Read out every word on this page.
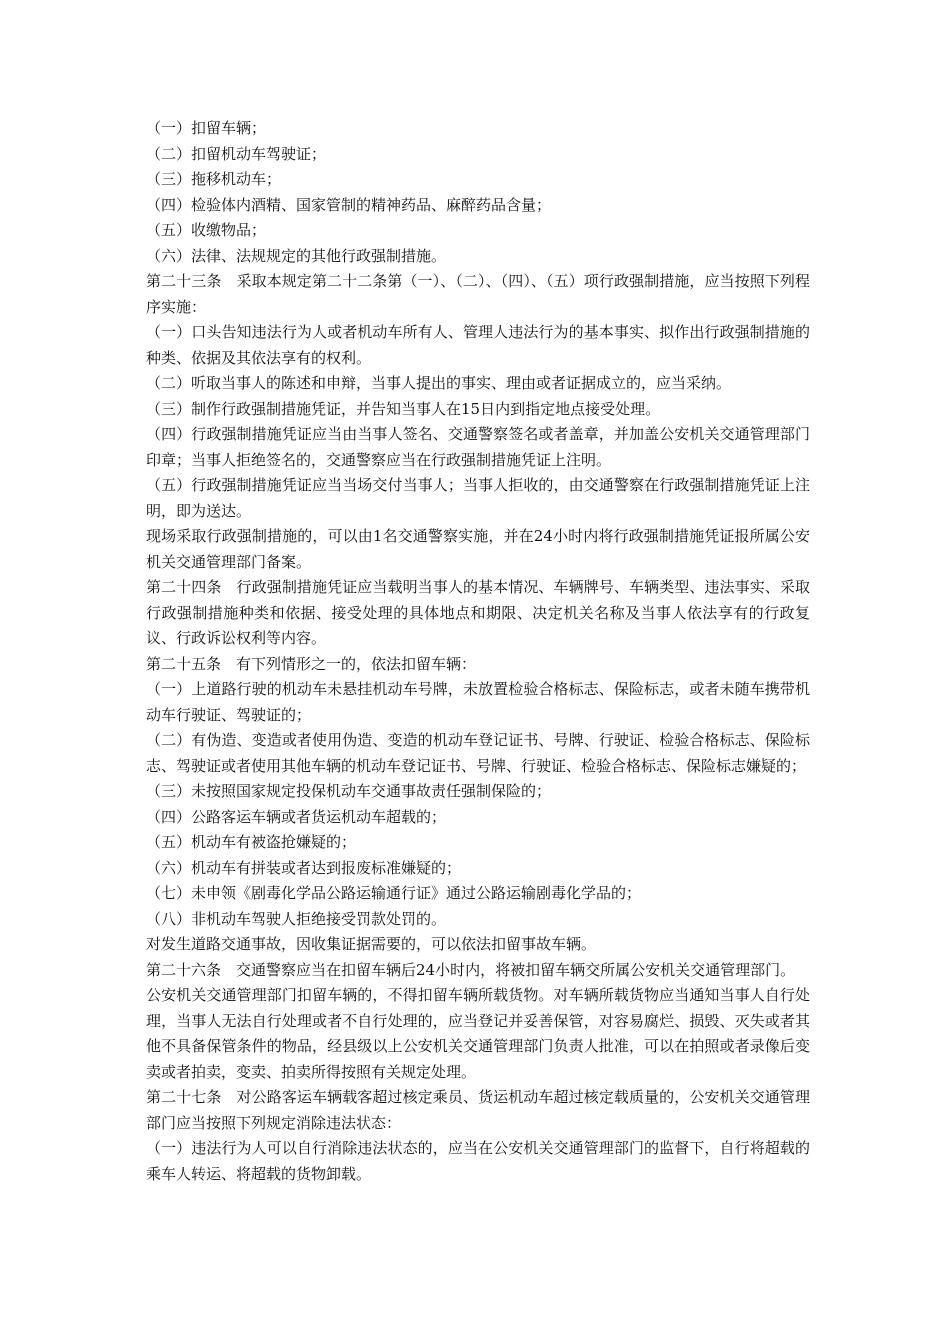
（一）扣留车辆；

（二）扣留机动车驾驶证；

（三）拖移机动车；

（四）检验体内酒精、国家管制的精神药品、麻醉药品含量；

（五）收缴物品；

（六）法律、法规规定的其他行政强制措施。

第二十三条　采取本规定第二十二条第（一）、（二）、（四）、（五）项行政强制措施，应当按照下列程序实施：

（一）口头告知违法行为人或者机动车所有人、管理人违法行为的基本事实、拟作出行政强制措施的种类、依据及其依法享有的权利。

（二）听取当事人的陈述和申辩，当事人提出的事实、理由或者证据成立的，应当采纳。

（三）制作行政强制措施凭证，并告知当事人在15日内到指定地点接受处理。

（四）行政强制措施凭证应当由当事人签名、交通警察签名或者盖章，并加盖公安机关交通管理部门印章；当事人拒绝签名的，交通警察应当在行政强制措施凭证上注明。

（五）行政强制措施凭证应当当场交付当事人；当事人拒收的，由交通警察在行政强制措施凭证上注明，即为送达。

现场采取行政强制措施的，可以由1名交通警察实施，并在24小时内将行政强制措施凭证报所属公安机关交通管理部门备案。

第二十四条　行政强制措施凭证应当载明当事人的基本情况、车辆牌号、车辆类型、违法事实、采取行政强制措施种类和依据、接受处理的具体地点和期限、决定机关名称及当事人依法享有的行政复议、行政诉讼权利等内容。

第二十五条　有下列情形之一的，依法扣留车辆：

（一）上道路行驶的机动车未悬挂机动车号牌，未放置检验合格标志、保险标志，或者未随车携带机动车行驶证、驾驶证的；

（二）有伪造、变造或者使用伪造、变造的机动车登记证书、号牌、行驶证、检验合格标志、保险标志、驾驶证或者使用其他车辆的机动车登记证书、号牌、行驶证、检验合格标志、保险标志嫌疑的；

（三）未按照国家规定投保机动车交通事故责任强制保险的；

（四）公路客运车辆或者货运机动车超载的；

（五）机动车有被盗抢嫌疑的；

（六）机动车有拼装或者达到报废标准嫌疑的；

（七）未申领《剧毒化学品公路运输通行证》通过公路运输剧毒化学品的；

（八）非机动车驾驶人拒绝接受罚款处罚的。

对发生道路交通事故，因收集证据需要的，可以依法扣留事故车辆。

第二十六条　交通警察应当在扣留车辆后24小时内，将被扣留车辆交所属公安机关交通管理部门。

公安机关交通管理部门扣留车辆的，不得扣留车辆所载货物。对车辆所载货物应当通知当事人自行处理，当事人无法自行处理或者不自行处理的，应当登记并妥善保管，对容易腐烂、损毁、灭失或者其他不具备保管条件的物品，经县级以上公安机关交通管理部门负责人批准，可以在拍照或者录像后变卖或者拍卖，变卖、拍卖所得按照有关规定处理。

第二十七条　对公路客运车辆载客超过核定乘员、货运机动车超过核定载质量的，公安机关交通管理部门应当按照下列规定消除违法状态：

（一）违法行为人可以自行消除违法状态的，应当在公安机关交通管理部门的监督下，自行将超载的乘车人转运、将超载的货物卸载。
